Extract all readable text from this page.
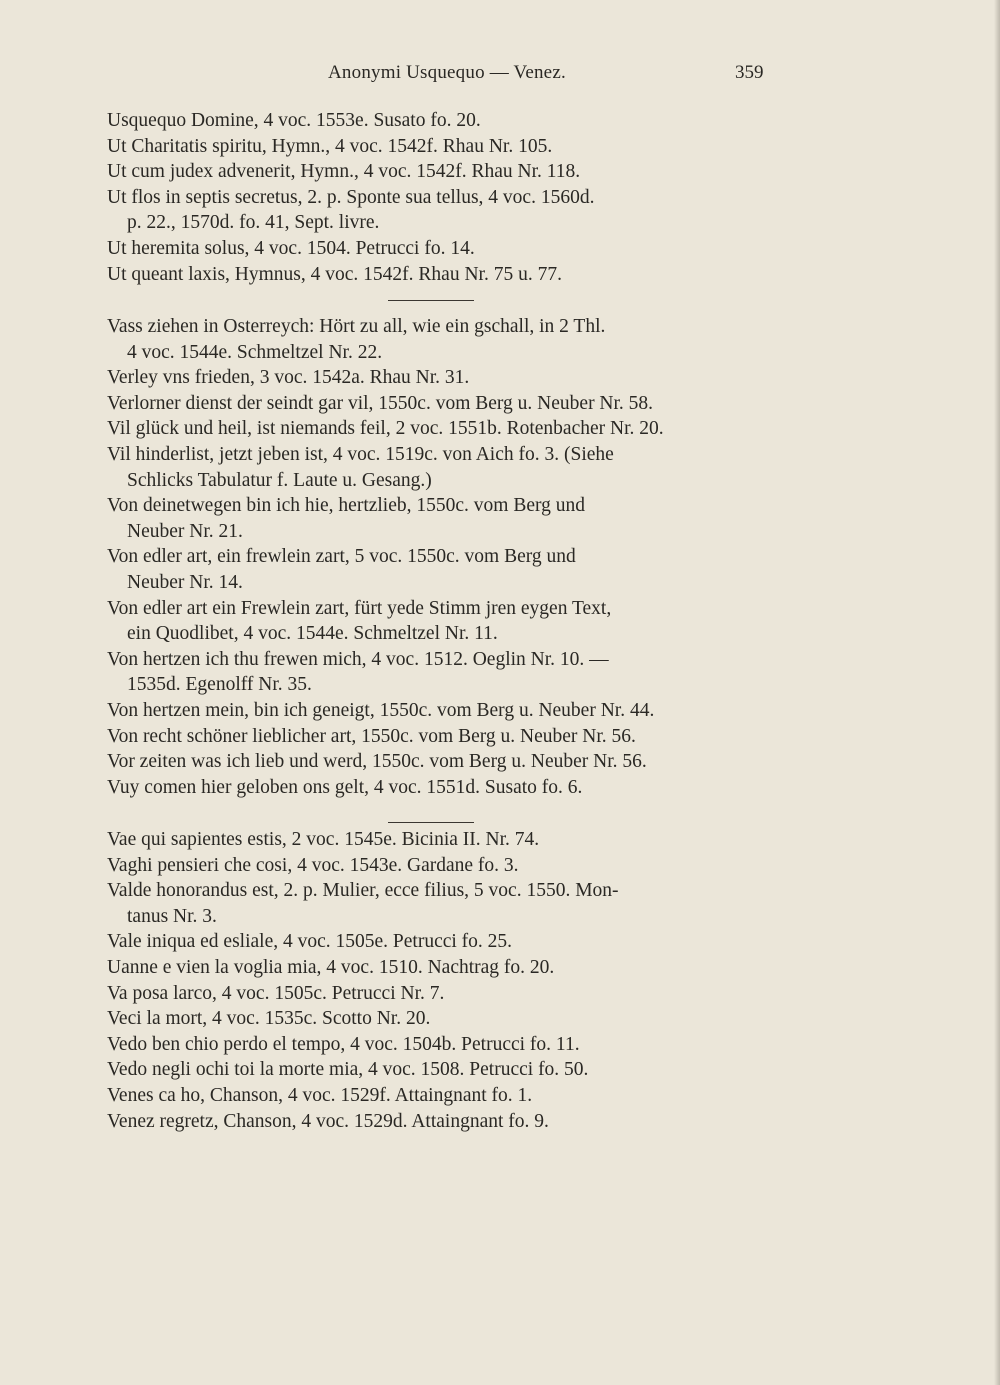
Anonymi Usquequo — Venez.	359
Usquequo Domine, 4 voc. 1553e. Susato fo. 20.
Ut Charitatis spiritu, Hymn., 4 voc. 1542f. Rhau Nr. 105.
Ut cum judex advenerit, Hymn., 4 voc. 1542f. Rhau Nr. 118.
Ut flos in septis secretus, 2. p. Sponte sua tellus, 4 voc. 1560d.
p. 22., 1570d. fo. 41, Sept. livre.
Ut heremita solus, 4 voc. 1504. Petrucci fo. 14.
Ut queant laxis, Hymnus, 4 voc. 1542f. Rhau Nr. 75 u. 77.
Vass ziehen in Osterreych: Hört zu all, wie ein gschall, in 2 Thl.
4 voc. 1544e. Schmeltzel Nr. 22.
Verley vns frieden, 3 voc. 1542a. Rhau Nr. 31.
Verlorner dienst der seindt gar vil, 1550c. vom Berg u. Neuber Nr. 58.
Vil glück und heil, ist niemands feil, 2 voc. 1551b. Rotenbacher Nr. 20.
Vil hinderlist, jetzt jeben ist, 4 voc. 1519c. von Aich fo. 3. (Siehe
Schlicks Tabulatur f. Laute u. Gesang.)
Von deinetwegen bin ich hie, hertzlieb, 1550c. vom Berg und
Neuber Nr. 21.
Von edler art, ein frewlein zart, 5 voc. 1550c. vom Berg und
Neuber Nr. 14.
Von edler art ein Frewlein zart, fürt yede Stimm jren eygen Text,
ein Quodlibet, 4 voc. 1544e. Schmeltzel Nr. 11.
Von hertzen ich thu frewen mich, 4 voc. 1512. Oeglin Nr. 10. —
1535d. Egenolff Nr. 35.
Von hertzen mein, bin ich geneigt, 1550c. vom Berg u. Neuber Nr. 44.
Von recht schöner lieblicher art, 1550c. vom Berg u. Neuber Nr. 56.
Vor zeiten was ich lieb und werd, 1550c. vom Berg u. Neuber Nr. 56.
Vuy comen hier geloben ons gelt, 4 voc. 1551d. Susato fo. 6.
Vae qui sapientes estis, 2 voc. 1545e. Bicinia II. Nr. 74.
Vaghi pensieri che cosi, 4 voc. 1543e. Gardane fo. 3.
Valde honorandus est, 2. p. Mulier, ecce filius, 5 voc. 1550. Mon-
tanus Nr. 3.
Vale iniqua ed esliale, 4 voc. 1505e. Petrucci fo. 25.
Uanne e vien la voglia mia, 4 voc. 1510. Nachtrag fo. 20.
Va posa larco, 4 voc. 1505c. Petrucci Nr. 7.
Veci la mort, 4 voc. 1535c. Scotto Nr. 20.
Vedo ben chio perdo el tempo, 4 voc. 1504b. Petrucci fo. 11.
Vedo negli ochi toi la morte mia, 4 voc. 1508. Petrucci fo. 50.
Venes ca ho, Chanson, 4 voc. 1529f. Attaingnant fo. 1.
Venez regretz, Chanson, 4 voc. 1529d. Attaingnant fo. 9.
